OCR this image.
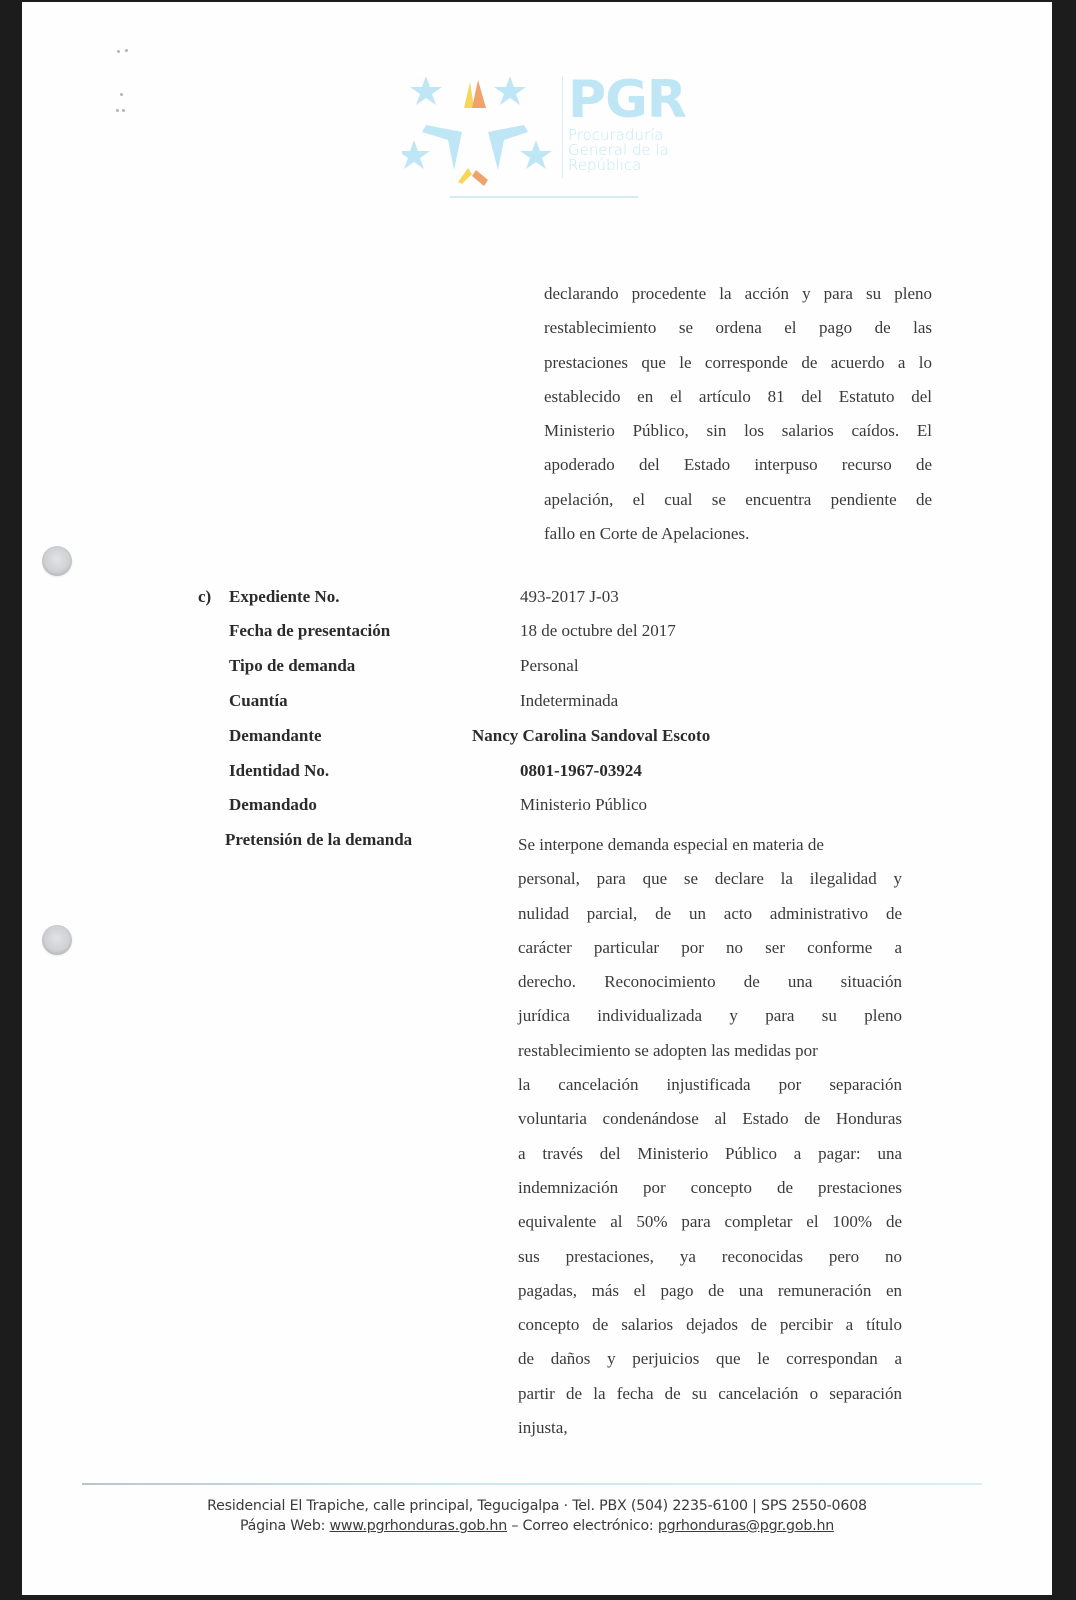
PGR
Procuraduría
General de la
República
declarando procedente la acción y para su pleno
restablecimiento se ordena el pago de las
prestaciones que le corresponde de acuerdo a lo
establecido en el artículo 81 del Estatuto del
Ministerio Público, sin los salarios caídos. El
apoderado del Estado interpuso recurso de
apelación, el cual se encuentra pendiente de
fallo en Corte de Apelaciones.
c) Expediente No.	493-2017 J-03
Fecha de presentación	18 de octubre del 2017
Tipo de demanda	Personal
Cuantía	Indeterminada
Demandante	Nancy Carolina Sandoval Escoto
Identidad No.	0801-1967-03924
Demandado	Ministerio Público
Pretensión de la demanda	Se interpone demanda especial en materia de
personal, para que se declare la ilegalidad y
nulidad parcial, de un acto administrativo de
carácter particular por no ser conforme a
derecho. Reconocimiento de una situación
jurídica individualizada y para su pleno
restablecimiento se adopten las medidas por
la cancelación injustificada por separación
voluntaria condenándose al Estado de Honduras
a través del Ministerio Público a pagar: una
indemnización por concepto de prestaciones
equivalente al 50% para completar el 100% de
sus prestaciones, ya reconocidas pero no
pagadas, más el pago de una remuneración en
concepto de salarios dejados de percibir a título
de daños y perjuicios que le correspondan a
partir de la fecha de su cancelación o separación
injusta,
Residencial El Trapiche, calle principal, Tegucigalpa · Tel. PBX (504) 2235-6100 | SPS 2550-0608
Página Web: www.pgrhonduras.gob.hn – Correo electrónico: pgrhonduras@pgr.gob.hn
